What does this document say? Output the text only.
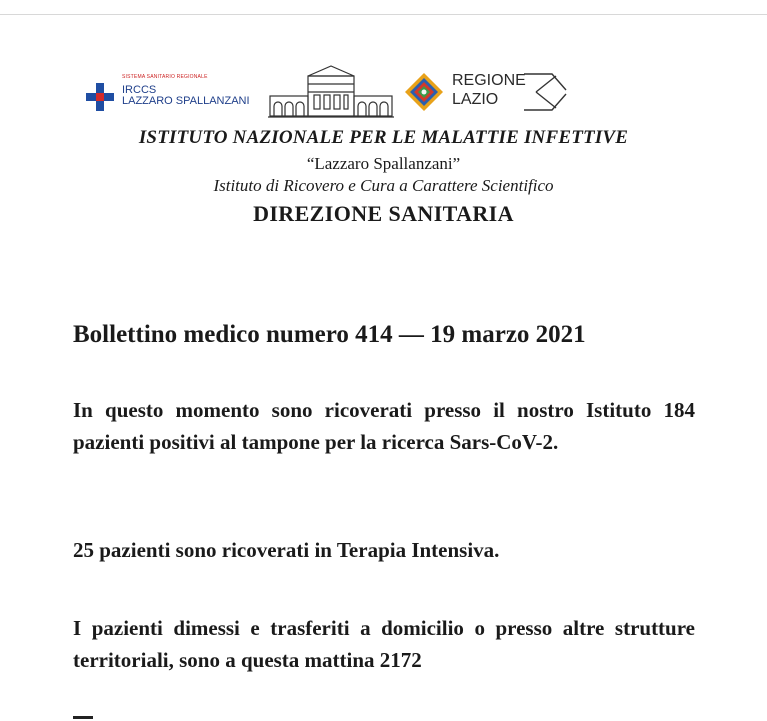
SISTEMA SANITARIO REGIONALE
IRCCS
LAZZARO SPALLANZANI
REGIONE
LAZIO
ISTITUTO NAZIONALE PER LE MALATTIE INFETTIVE
“Lazzaro Spallanzani”
Istituto di Ricovero e Cura a Carattere Scientifico
DIREZIONE SANITARIA
Bollettino medico numero 414 — 19 marzo 2021
In questo momento sono ricoverati presso il nostro Istituto 184 pazienti positivi al tampone per la ricerca Sars-CoV-2.
25 pazienti sono ricoverati in Terapia Intensiva.
I pazienti dimessi e trasferiti a domicilio o presso altre strutture territoriali, sono a questa mattina 2172
